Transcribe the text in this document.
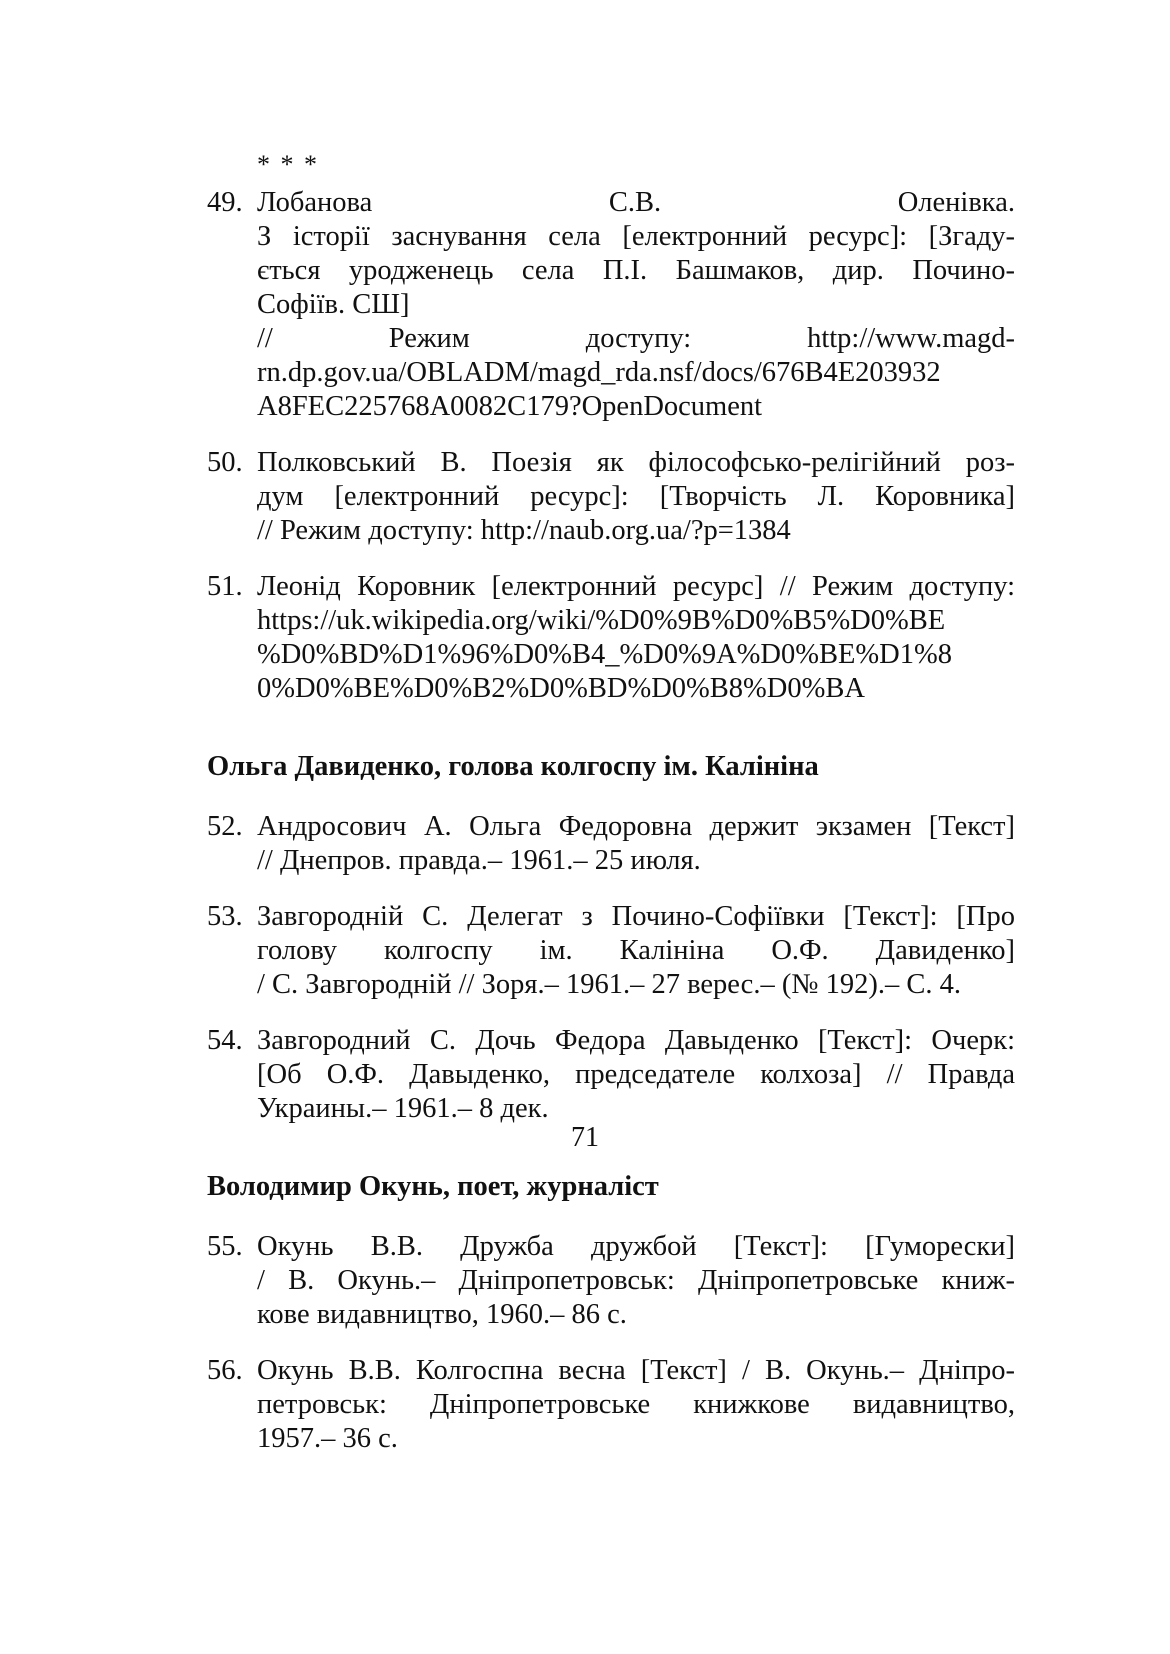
* * *
49. Лобанова С.В. Оленівка.
З історії заснування села [електронний ресурс]: [Згаду-
ється уродженець села П.І. Башмаков, дир. Почино-
Софіїв. СШ]
// Режим доступу: http://www.magd-
rn.dp.gov.ua/OBLADM/magd_rda.nsf/docs/676B4E203932
A8FEC225768A0082C179?OpenDocument
50. Полковський В. Поезія як філософсько-релігійний роз-
дум [електронний ресурс]: [Творчість Л. Коровника]
// Режим доступу: http://naub.org.ua/?p=1384
51. Леонід Коровник [електронний ресурс] // Режим доступу:
https://uk.wikipedia.org/wiki/%D0%9B%D0%B5%D0%BE
%D0%BD%D1%96%D0%B4_%D0%9A%D0%BE%D1%8
0%D0%BE%D0%B2%D0%BD%D0%B8%D0%BA
Ольга Давиденко, голова колгоспу ім. Калініна
52. Андросович А. Ольга Федоровна держит экзамен [Текст]
// Днепров. правда.– 1961.– 25 июля.
53. Завгородній С. Делегат з Почино-Софіївки [Текст]: [Про
голову колгоспу ім. Калініна О.Ф. Давиденко]
/ С. Завгородній // Зоря.– 1961.– 27 верес.– (№ 192).– С. 4.
54. Завгородний С. Дочь Федора Давыденко [Текст]: Очерк:
[Об О.Ф. Давыденко, председателе колхоза] // Правда
Украины.– 1961.– 8 дек.
Володимир Окунь, поет, журналіст
55. Окунь В.В. Дружба дружбой [Текст]: [Гуморески]
/ В. Окунь.– Дніпропетровськ: Дніпропетровське книж-
кове видавництво, 1960.– 86 с.
56. Окунь В.В. Колгоспна весна [Текст] / В. Окунь.– Дніпро-
петровськ: Дніпропетровське книжкове видавництво,
1957.– 36 с.
71
